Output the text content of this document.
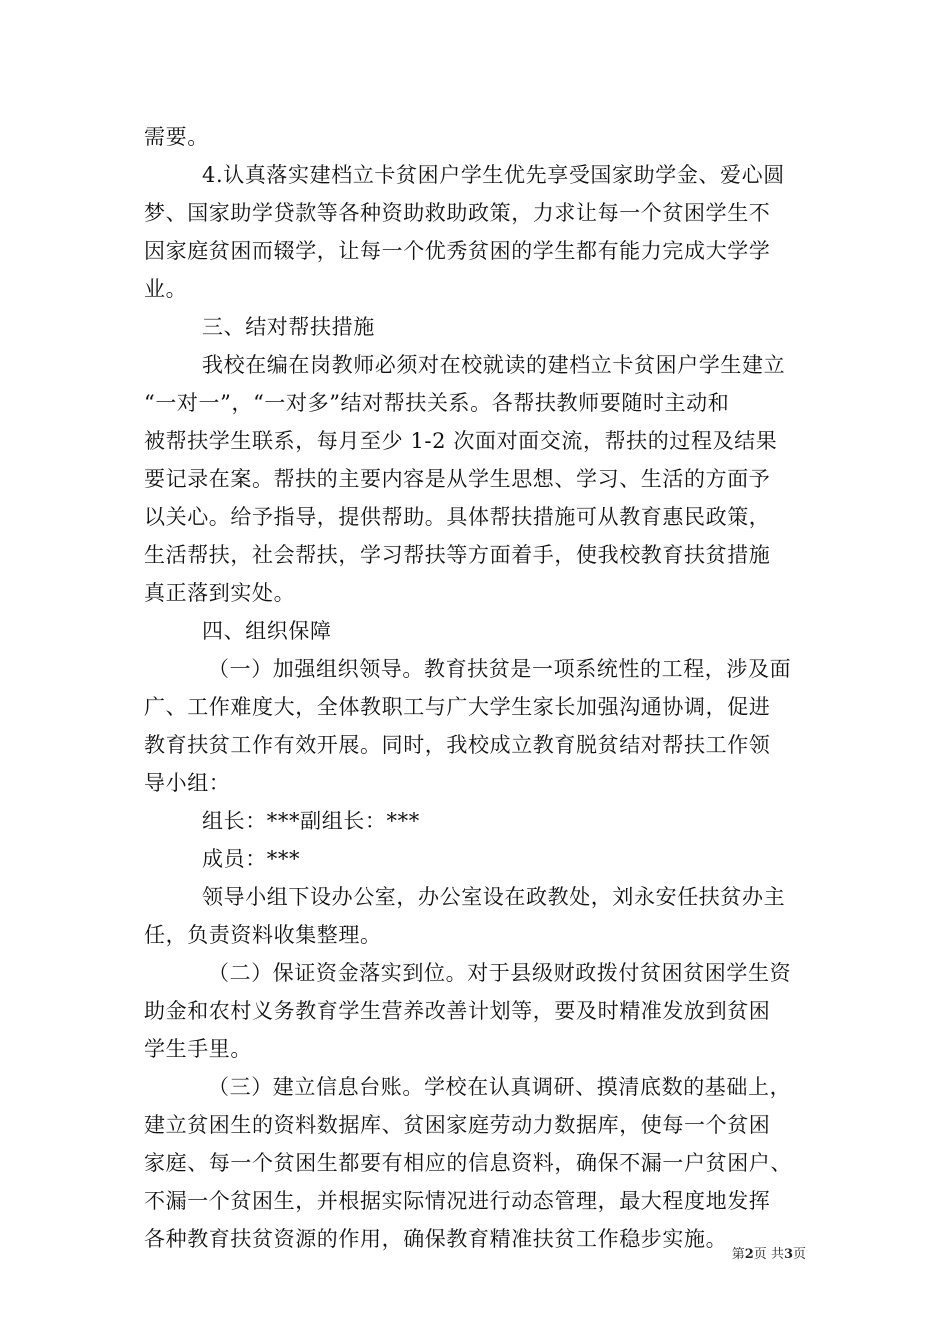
需要。
4.认真落实建档立卡贫困户学生优先享受国家助学金、爱心圆
梦、国家助学贷款等各种资助救助政策，力求让每一个贫困学生不
因家庭贫困而辍学，让每一个优秀贫困的学生都有能力完成大学学
业。
三、结对帮扶措施
我校在编在岗教师必须对在校就读的建档立卡贫困户学生建立
“一对一”，“一对多”结对帮扶关系。各帮扶教师要随时主动和
被帮扶学生联系，每月至少 1-2 次面对面交流，帮扶的过程及结果
要记录在案。帮扶的主要内容是从学生思想、学习、生活的方面予
以关心。给予指导，提供帮助。具体帮扶措施可从教育惠民政策，
生活帮扶，社会帮扶，学习帮扶等方面着手，使我校教育扶贫措施
真正落到实处。
四、组织保障
（一）加强组织领导。教育扶贫是一项系统性的工程，涉及面
广、工作难度大，全体教职工与广大学生家长加强沟通协调，促进
教育扶贫工作有效开展。同时，我校成立教育脱贫结对帮扶工作领
导小组：
组长：***副组长：***
成员：***
领导小组下设办公室，办公室设在政教处，刘永安任扶贫办主
任，负责资料收集整理。
（二）保证资金落实到位。对于县级财政拨付贫困贫困学生资
助金和农村义务教育学生营养改善计划等，要及时精准发放到贫困
学生手里。
（三）建立信息台账。学校在认真调研、摸清底数的基础上，
建立贫困生的资料数据库、贫困家庭劳动力数据库，使每一个贫困
家庭、每一个贫困生都要有相应的信息资料，确保不漏一户贫困户、
不漏一个贫困生，并根据实际情况进行动态管理，最大程度地发挥
各种教育扶贫资源的作用，确保教育精准扶贫工作稳步实施。
第2页 共3页
